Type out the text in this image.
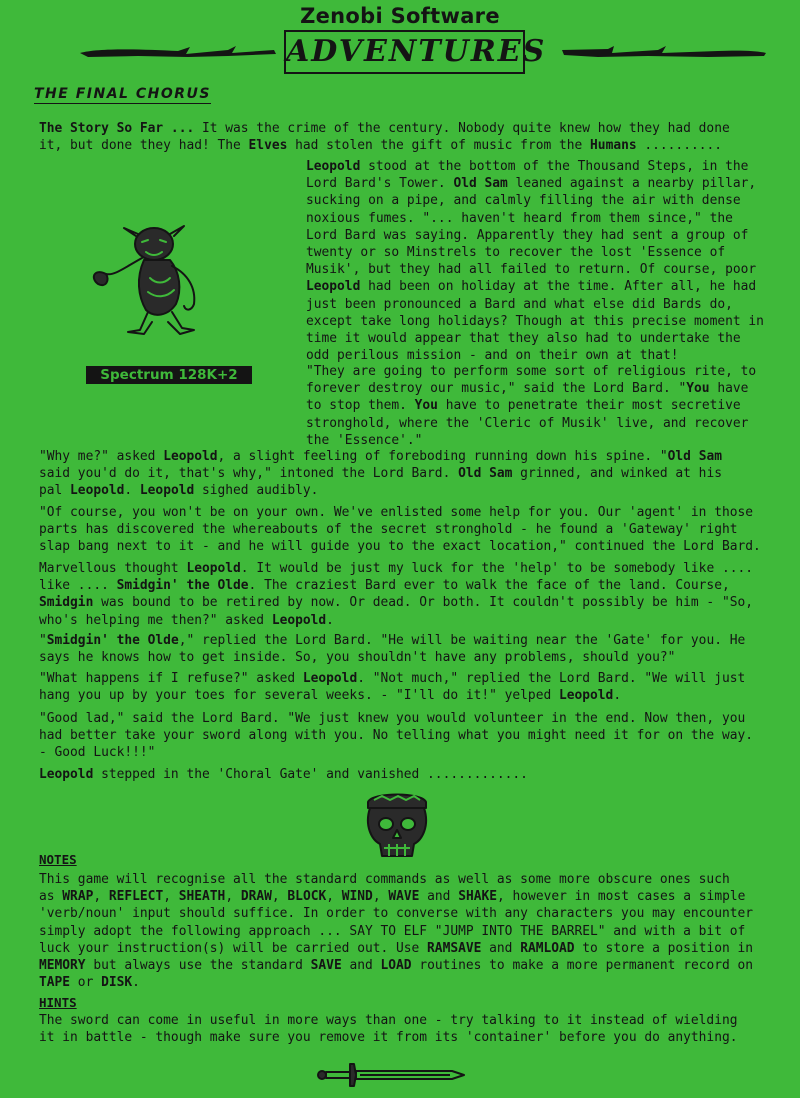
Zenobi Software
ADVENTURES
THE FINAL CHORUS
The Story So Far ... It was the crime of the century. Nobody quite knew how they had done
it, but done they had! The Elves had stolen the gift of music from the Humans ..........
Leopold stood at the bottom of the Thousand Steps, in the
Lord Bard's Tower. Old Sam leaned against a nearby pillar,
sucking on a pipe, and calmly filling the air with dense
noxious fumes. "... haven't heard from them since," the
Lord Bard was saying. Apparently they had sent a group of
twenty or so Minstrels to recover the lost 'Essence of
Musik', but they had all failed to return. Of course, poor
Leopold had been on holiday at the time. After all, he had
just been pronounced a Bard and what else did Bards do,
except take long holidays? Though at this precise moment in
time it would appear that they also had to undertake the
odd perilous mission - and on their own at that!
Spectrum 128K+2	"They are going to perform some sort of religious rite, to
forever destroy our music," said the Lord Bard. "You have
to stop them. You have to penetrate their most secretive
stronghold, where the 'Cleric of Musik' live, and recover
the 'Essence'."
"Why me?" asked Leopold, a slight feeling of foreboding running down his spine. "Old Sam
said you'd do it, that's why," intoned the Lord Bard. Old Sam grinned, and winked at his
pal Leopold. Leopold sighed audibly.
"Of course, you won't be on your own. We've enlisted some help for you. Our 'agent' in those
parts has discovered the whereabouts of the secret stronghold - he found a 'Gateway' right
slap bang next to it - and he will guide you to the exact location," continued the Lord Bard.
Marvellous thought Leopold. It would be just my luck for the 'help' to be somebody like ....
like .... Smidgin' the Olde. The craziest Bard ever to walk the face of the land. Course,
Smidgin was bound to be retired by now. Or dead. Or both. It couldn't possibly be him - "So,
who's helping me then?" asked Leopold.
"Smidgin' the Olde," replied the Lord Bard. "He will be waiting near the 'Gate' for you. He
says he knows how to get inside. So, you shouldn't have any problems, should you?"
"What happens if I refuse?" asked Leopold. "Not much," replied the Lord Bard. "We will just
hang you up by your toes for several weeks. - "I'll do it!" yelped Leopold.
"Good lad," said the Lord Bard. "We just knew you would volunteer in the end. Now then, you
had better take your sword along with you. No telling what you might need it for on the way.
- Good Luck!!!"
Leopold stepped in the 'Choral Gate' and vanished .............
NOTES
This game will recognise all the standard commands as well as some more obscure ones such
as WRAP, REFLECT, SHEATH, DRAW, BLOCK, WIND, WAVE and SHAKE, however in most cases a simple
'verb/noun' input should suffice. In order to converse with any characters you may encounter
simply adopt the following approach ... SAY TO ELF "JUMP INTO THE BARREL" and with a bit of
luck your instruction(s) will be carried out. Use RAMSAVE and RAMLOAD to store a position in
MEMORY but always use the standard SAVE and LOAD routines to make a more permanent record on
TAPE or DISK.
HINTS
The sword can come in useful in more ways than one - try talking to it instead of wielding
it in battle - though make sure you remove it from its 'container' before you do anything.
